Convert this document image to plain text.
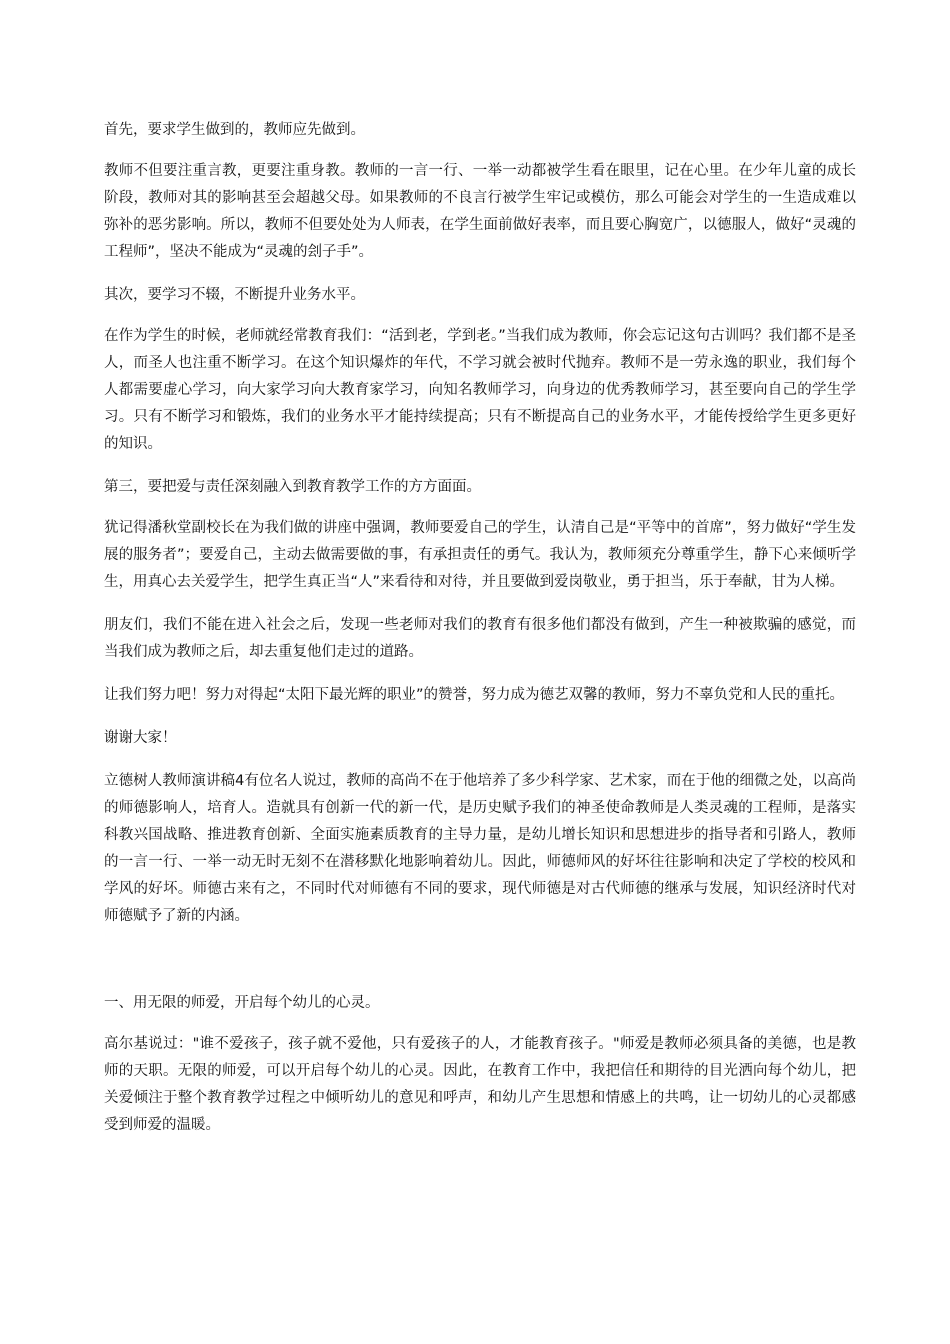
首先，要求学生做到的，教师应先做到。

教师不但要注重言教，更要注重身教。教师的一言一行、一举一动都被学生看在眼里，记在心里。在少年儿童的成长阶段，教师对其的影响甚至会超越父母。如果教师的不良言行被学生牢记或模仿，那么可能会对学生的一生造成难以弥补的恶劣影响。所以，教师不但要处处为人师表，在学生面前做好表率，而且要心胸宽广，以德服人，做好“灵魂的工程师”，坚决不能成为“灵魂的刽子手”。

其次，要学习不辍，不断提升业务水平。

在作为学生的时候，老师就经常教育我们：“活到老，学到老。”当我们成为教师，你会忘记这句古训吗？我们都不是圣人，而圣人也注重不断学习。在这个知识爆炸的年代，不学习就会被时代抛弃。教师不是一劳永逸的职业，我们每个人都需要虚心学习，向大家学习向大教育家学习，向知名教师学习，向身边的优秀教师学习，甚至要向自己的学生学习。只有不断学习和锻炼，我们的业务水平才能持续提高；只有不断提高自己的业务水平，才能传授给学生更多更好的知识。

第三，要把爱与责任深刻融入到教育教学工作的方方面面。

犹记得潘秋堂副校长在为我们做的讲座中强调，教师要爱自己的学生，认清自己是“平等中的首席”，努力做好“学生发展的服务者”；要爱自己，主动去做需要做的事，有承担责任的勇气。我认为，教师须充分尊重学生，静下心来倾听学生，用真心去关爱学生，把学生真正当“人”来看待和对待，并且要做到爱岗敬业，勇于担当，乐于奉献，甘为人梯。

朋友们，我们不能在进入社会之后，发现一些老师对我们的教育有很多他们都没有做到，产生一种被欺骗的感觉，而当我们成为教师之后，却去重复他们走过的道路。

让我们努力吧！努力对得起“太阳下最光辉的职业”的赞誉，努力成为德艺双馨的教师，努力不辜负党和人民的重托。

谢谢大家！

立德树人教师演讲稿4有位名人说过，教师的高尚不在于他培养了多少科学家、艺术家，而在于他的细微之处，以高尚的师德影响人，培育人。造就具有创新一代的新一代，是历史赋予我们的神圣使命教师是人类灵魂的工程师，是落实科教兴国战略、推进教育创新、全面实施素质教育的主导力量，是幼儿增长知识和思想进步的指导者和引路人，教师的一言一行、一举一动无时无刻不在潜移默化地影响着幼儿。因此，师德师风的好坏往往影响和决定了学校的校风和学风的好坏。师德古来有之，不同时代对师德有不同的要求，现代师德是对古代师德的继承与发展，知识经济时代对师德赋予了新的内涵。

一、用无限的师爱，开启每个幼儿的心灵。

高尔基说过："谁不爱孩子，孩子就不爱他，只有爱孩子的人，才能教育孩子。"师爱是教师必须具备的美德，也是教师的天职。无限的师爱，可以开启每个幼儿的心灵。因此，在教育工作中，我把信任和期待的目光洒向每个幼儿，把关爱倾注于整个教育教学过程之中倾听幼儿的意见和呼声，和幼儿产生思想和情感上的共鸣，让一切幼儿的心灵都感受到师爱的温暖。
